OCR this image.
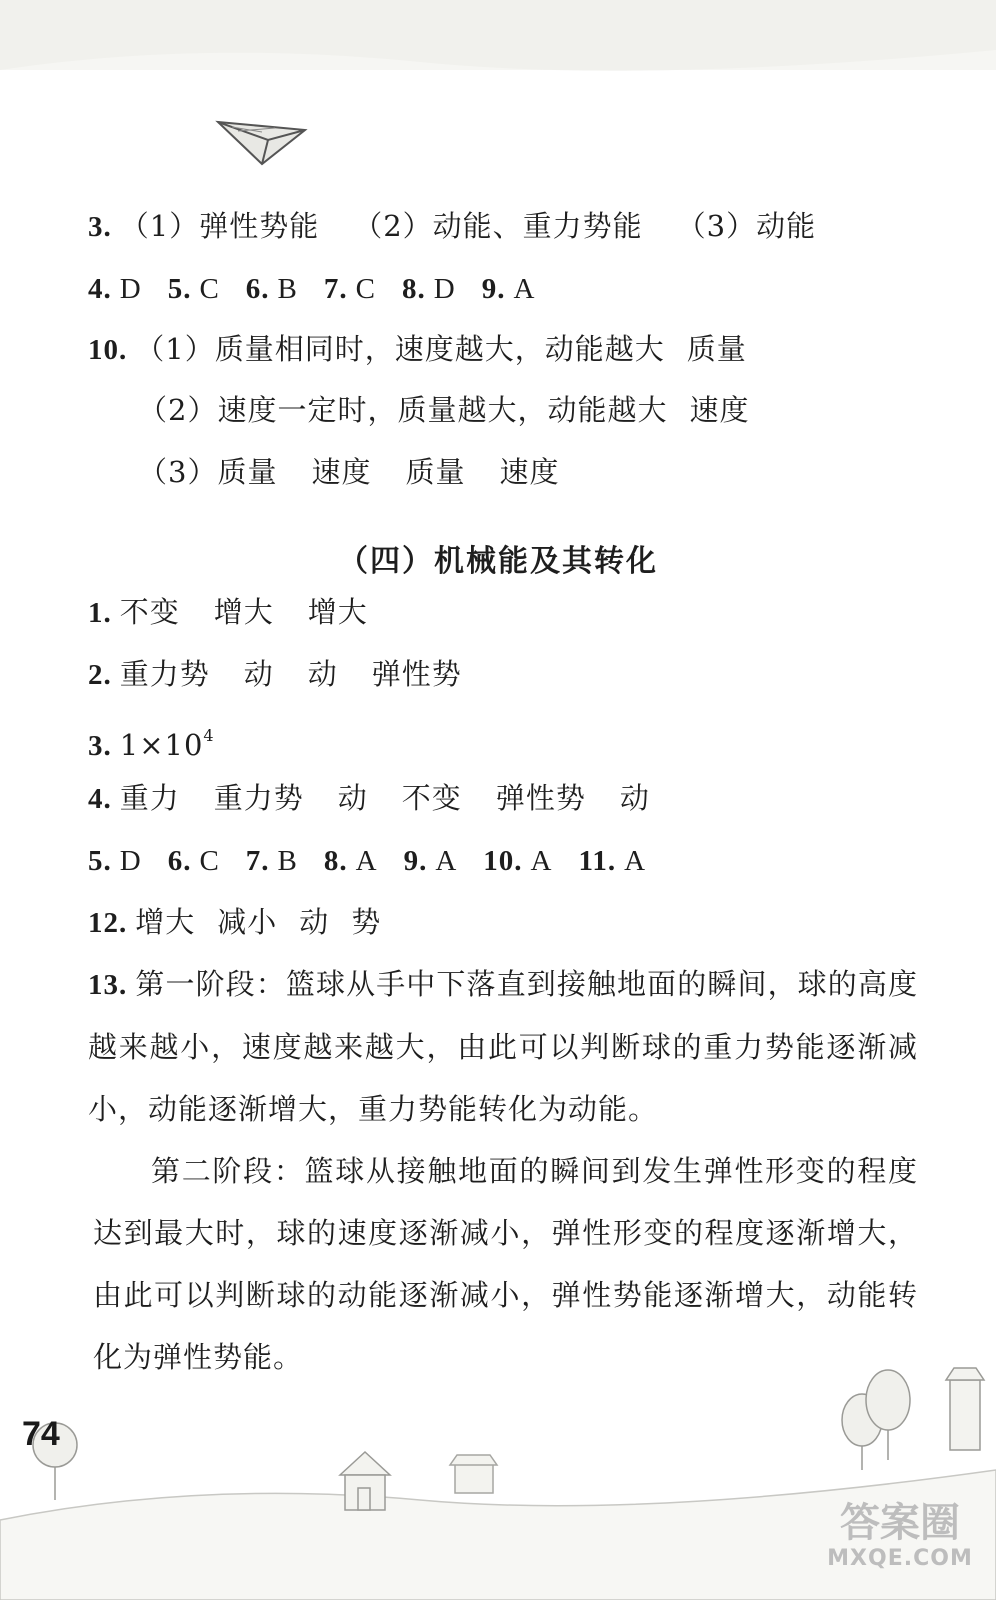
3. （1）弹性势能 （2）动能、重力势能 （3）动能
4. D 5. C 6. B 7. C 8. D 9. A
10. （1）质量相同时，速度越大，动能越大 质量
（2）速度一定时，质量越大，动能越大 速度
（3）质量 速度 质量 速度
（四）机械能及其转化
1. 不变 增大 增大
2. 重力势 动 动 弹性势
3. $1\times 10^4$
4. 重力 重力势 动 不变 弹性势 动
5. D 6. C 7. B 8. A 9. A 10. A 11. A
12. 增大 减小 动 势
13. 第一阶段：篮球从手中下落直到接触地面的瞬间，球的高度越来越小，速度越来越大，由此可以判断球的重力势能逐渐减小，动能逐渐增大，重力势能转化为动能。
第二阶段：篮球从接触地面的瞬间到发生弹性形变的程度达到最大时，球的速度逐渐减小，弹性形变的程度逐渐增大，由此可以判断球的动能逐渐减小，弹性势能逐渐增大，动能转化为弹性势能。
答案圈
MXQE.COM
74
